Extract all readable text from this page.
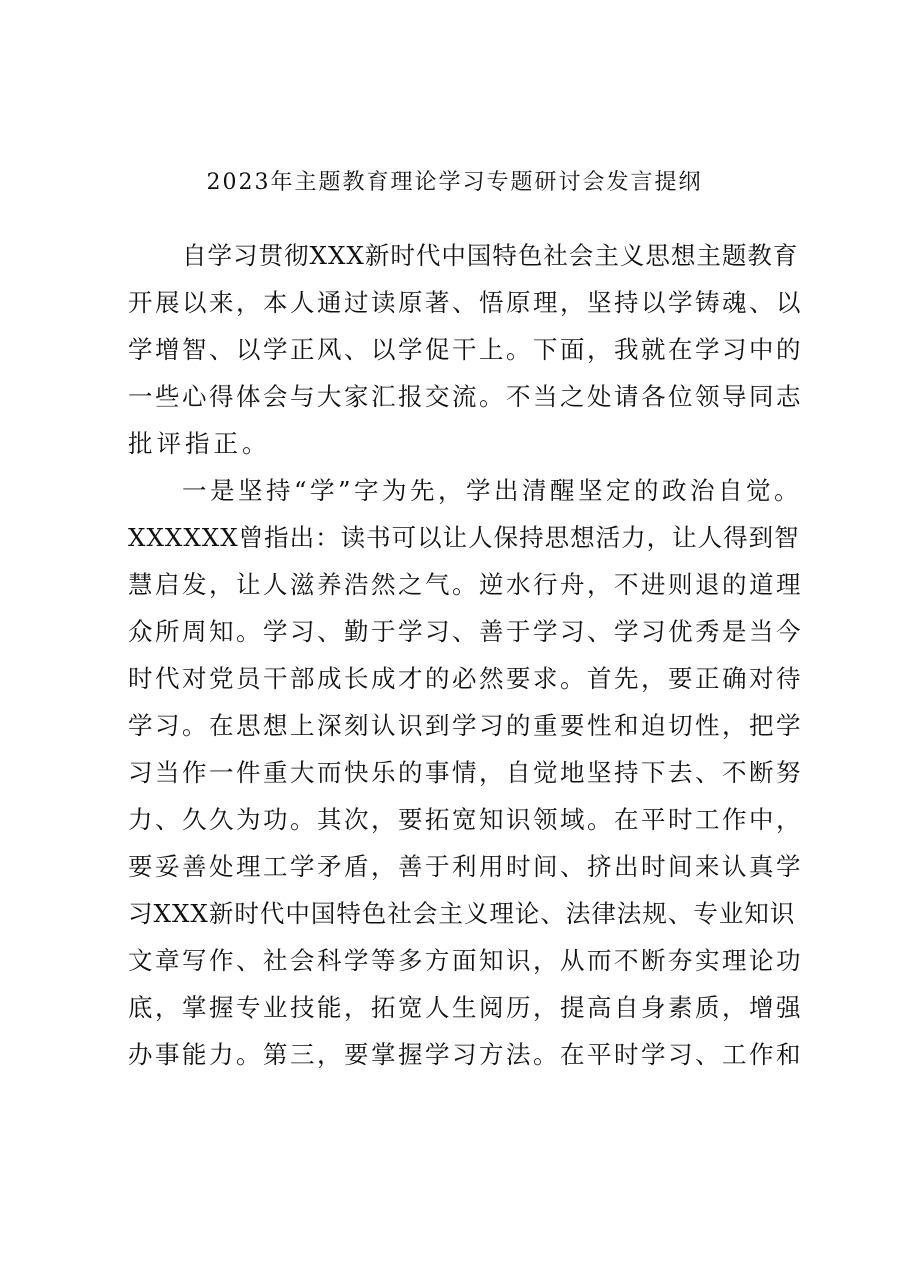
2023年主题教育理论学习专题研讨会发言提纲
自学习贯彻XXX新时代中国特色社会主义思想主题教育
开展以来，本人通过读原著、悟原理，坚持以学铸魂、以
学增智、以学正风、以学促干上。下面，我就在学习中的
一些心得体会与大家汇报交流。不当之处请各位领导同志
批评指正。
一是坚持“学”字为先，学出清醒坚定的政治自觉。
XXXXXX曾指出：读书可以让人保持思想活力，让人得到智
慧启发，让人滋养浩然之气。逆水行舟，不进则退的道理
众所周知。学习、勤于学习、善于学习、学习优秀是当今
时代对党员干部成长成才的必然要求。首先，要正确对待
学习。在思想上深刻认识到学习的重要性和迫切性，把学
习当作一件重大而快乐的事情，自觉地坚持下去、不断努
力、久久为功。其次，要拓宽知识领域。在平时工作中，
要妥善处理工学矛盾，善于利用时间、挤出时间来认真学
习XXX新时代中国特色社会主义理论、法律法规、专业知识
文章写作、社会科学等多方面知识，从而不断夯实理论功
底，掌握专业技能，拓宽人生阅历，提高自身素质，增强
办事能力。第三，要掌握学习方法。在平时学习、工作和
